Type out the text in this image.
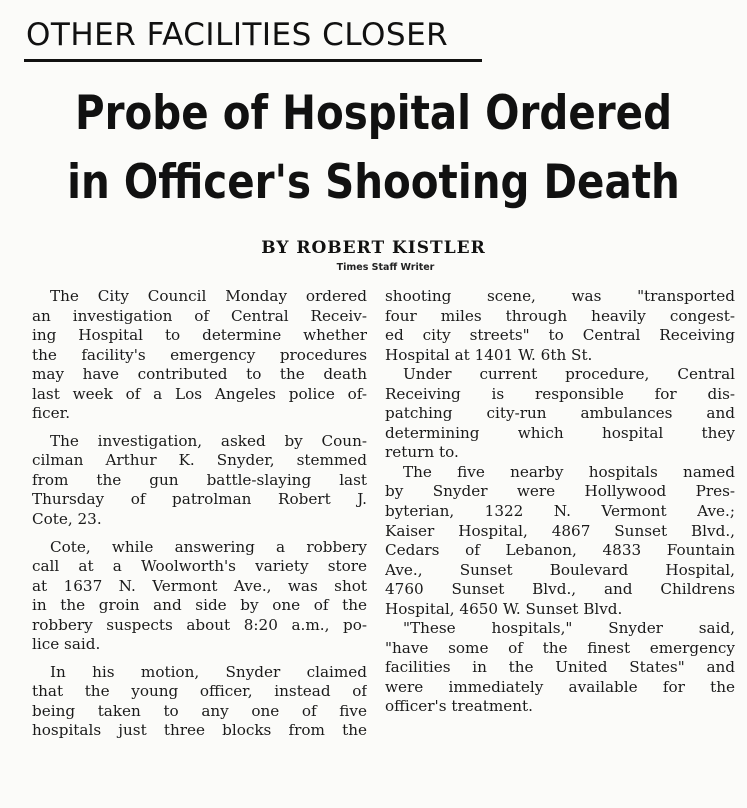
OTHER FACILITIES CLOSER
Probe of Hospital Ordered
in Officer's Shooting Death
BY ROBERT KISTLER
Times Staff Writer
The City Council Monday ordered
an investigation of Central Receiv-
ing Hospital to determine whether
the facility's emergency procedures
may have contributed to the death
last week of a Los Angeles police of-
ficer.
The investigation, asked by Coun-
cilman Arthur K. Snyder, stemmed
from the gun battle-slaying last
Thursday of patrolman Robert J.
Cote, 23.
Cote, while answering a robbery
call at a Woolworth's variety store
at 1637 N. Vermont Ave., was shot
in the groin and side by one of the
robbery suspects about 8:20 a.m., po-
lice said.
In his motion, Snyder claimed
that the young officer, instead of
being taken to any one of five
hospitals just three blocks from the
shooting scene, was "transported
four miles through heavily congest-
ed city streets" to Central Receiving
Hospital at 1401 W. 6th St.
Under current procedure, Central
Receiving is responsible for dis-
patching city-run ambulances and
determining which hospital they
return to.
The five nearby hospitals named
by Snyder were Hollywood Pres-
byterian, 1322 N. Vermont Ave.;
Kaiser Hospital, 4867 Sunset Blvd.,
Cedars of Lebanon, 4833 Fountain
Ave., Sunset Boulevard Hospital,
4760 Sunset Blvd., and Childrens
Hospital, 4650 W. Sunset Blvd.
"These hospitals," Snyder said,
"have some of the finest emergency
facilities in the United States" and
were immediately available for the
officer's treatment.
